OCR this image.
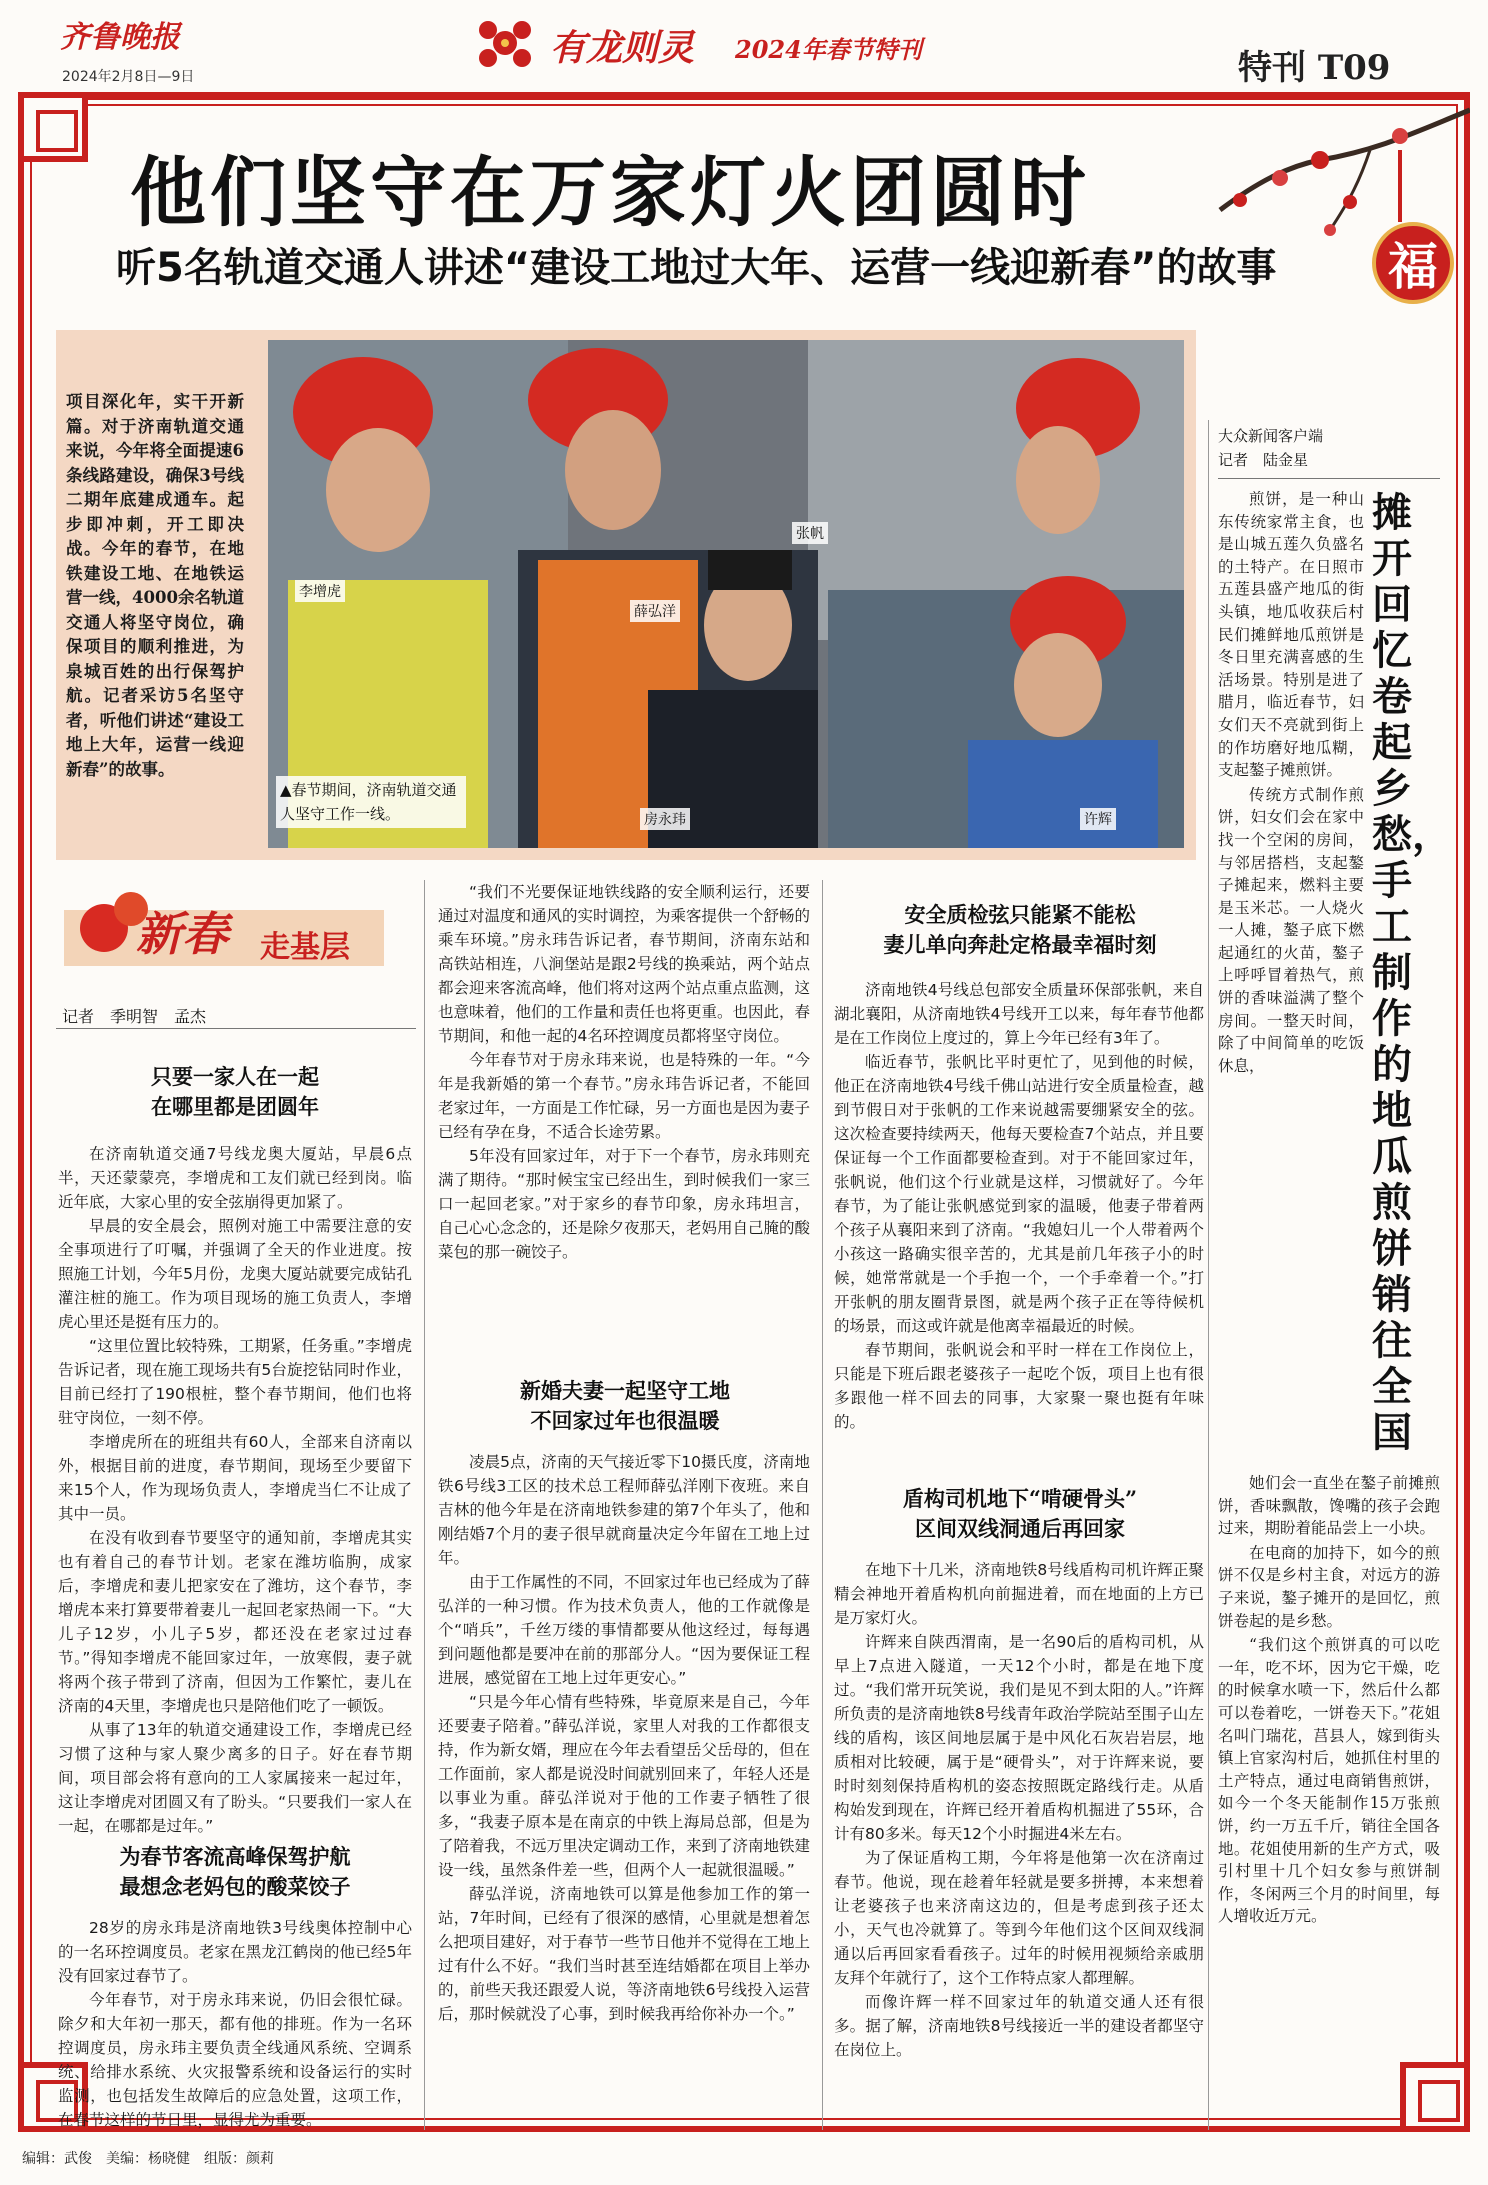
齐鲁晚报
2024年2月8日—9日
有龙则灵 2024年春节特刊	特刊 T09
福
他们坚守在万家灯火团圆时
听5名轨道交通人讲述“建设工地过大年、运营一线迎新春”的故事
项目深化年，实干开新篇。对于济南轨道交通来说，今年将全面提速6条线路建设，确保3号线二期年底建成通车。起步即冲刺，开工即决战。今年的春节，在地铁建设工地、在地铁运营一线，4000余名轨道交通人将坚守岗位，确保项目的顺利推进，为泉城百姓的出行保驾护航。记者采访5名坚守者，听他们讲述“建设工地上大年，运营一线迎新春”的故事。
李增虎
薛弘洋
张帆
房永玮	许辉
▲春节期间，济南轨道交通人坚守工作一线。
新春 走基层
记者　季明智　孟杰
只要一家人在一起
在哪里都是团圆年

在济南轨道交通7号线龙奥大厦站，早晨6点半，天还蒙蒙亮，李增虎和工友们就已经到岗。临近年底，大家心里的安全弦崩得更加紧了。

早晨的安全晨会，照例对施工中需要注意的安全事项进行了叮嘱，并强调了全天的作业进度。按照施工计划，今年5月份，龙奥大厦站就要完成钻孔灌注桩的施工。作为项目现场的施工负责人，李增虎心里还是挺有压力的。

“这里位置比较特殊，工期紧，任务重。”李增虎告诉记者，现在施工现场共有5台旋挖钻同时作业，目前已经打了190根桩，整个春节期间，他们也将驻守岗位，一刻不停。

李增虎所在的班组共有60人，全部来自济南以外，根据目前的进度，春节期间，现场至少要留下来15个人，作为现场负责人，李增虎当仁不让成了其中一员。

在没有收到春节要坚守的通知前，李增虎其实也有着自己的春节计划。老家在潍坊临朐，成家后，李增虎和妻儿把家安在了潍坊，这个春节，李增虎本来打算要带着妻儿一起回老家热闹一下。“大儿子12岁，小儿子5岁，都还没在老家过过春节。”得知李增虎不能回家过年，一放寒假，妻子就将两个孩子带到了济南，但因为工作繁忙，妻儿在济南的4天里，李增虎也只是陪他们吃了一顿饭。

从事了13年的轨道交通建设工作，李增虎已经习惯了这种与家人聚少离多的日子。好在春节期间，项目部会将有意向的工人家属接来一起过年，这让李增虎对团圆又有了盼头。“只要我们一家人在一起，在哪都是过年。”

为春节客流高峰保驾护航
最想念老妈包的酸菜饺子

28岁的房永玮是济南地铁3号线奥体控制中心的一名环控调度员。老家在黑龙江鹤岗的他已经5年没有回家过春节了。

今年春节，对于房永玮来说，仍旧会很忙碌。除夕和大年初一那天，都有他的排班。作为一名环控调度员，房永玮主要负责全线通风系统、空调系统、给排水系统、火灾报警系统和设备运行的实时监测，也包括发生故障后的应急处置，这项工作，在春节这样的节日里，显得尤为重要。

“我们不光要保证地铁线路的安全顺利运行，还要通过对温度和通风的实时调控，为乘客提供一个舒畅的乘车环境。”房永玮告诉记者，春节期间，济南东站和高铁站相连，八涧堡站是跟2号线的换乘站，两个站点都会迎来客流高峰，他们将对这两个站点重点监测，这也意味着，他们的工作量和责任也将更重。也因此，春节期间，和他一起的4名环控调度员都将坚守岗位。

今年春节对于房永玮来说，也是特殊的一年。“今年是我新婚的第一个春节。”房永玮告诉记者，不能回老家过年，一方面是工作忙碌，另一方面也是因为妻子已经有孕在身，不适合长途劳累。

5年没有回家过年，对于下一个春节，房永玮则充满了期待。“那时候宝宝已经出生，到时候我们一家三口一起回老家。”对于家乡的春节印象，房永玮坦言，自己心心念念的，还是除夕夜那天，老妈用自己腌的酸菜包的那一碗饺子。

新婚夫妻一起坚守工地
不回家过年也很温暖

凌晨5点，济南的天气接近零下10摄氏度，济南地铁6号线3工区的技术总工程师薛弘洋刚下夜班。来自吉林的他今年是在济南地铁参建的第7个年头了，他和刚结婚7个月的妻子很早就商量决定今年留在工地上过年。

由于工作属性的不同，不回家过年也已经成为了薛弘洋的一种习惯。作为技术负责人，他的工作就像是个“哨兵”，千丝万缕的事情都要从他这经过，每每遇到问题他都是要冲在前的那部分人。“因为要保证工程进展，感觉留在工地上过年更安心。”

“只是今年心情有些特殊，毕竟原来是自己，今年还要妻子陪着。”薛弘洋说，家里人对我的工作都很支持，作为新女婿，理应在今年去看望岳父岳母的，但在工作面前，家人都是说没时间就别回来了，年轻人还是以事业为重。薛弘洋说对于他的工作妻子牺牲了很多，“我妻子原本是在南京的中铁上海局总部，但是为了陪着我，不远万里决定调动工作，来到了济南地铁建设一线，虽然条件差一些，但两个人一起就很温暖。”

薛弘洋说，济南地铁可以算是他参加工作的第一站，7年时间，已经有了很深的感情，心里就是想着怎么把项目建好，对于春节一些节日他并不觉得在工地上过有什么不好。“我们当时甚至连结婚都在项目上举办的，前些天我还跟爱人说，等济南地铁6号线投入运营后，那时候就没了心事，到时候我再给你补办一个。”

安全质检弦只能紧不能松
妻儿单向奔赴定格最幸福时刻

济南地铁4号线总包部安全质量环保部张帆，来自湖北襄阳，从济南地铁4号线开工以来，每年春节他都是在工作岗位上度过的，算上今年已经有3年了。

临近春节，张帆比平时更忙了，见到他的时候，他正在济南地铁4号线千佛山站进行安全质量检查，越到节假日对于张帆的工作来说越需要绷紧安全的弦。这次检查要持续两天，他每天要检查7个站点，并且要保证每一个工作面都要检查到。对于不能回家过年，张帆说，他们这个行业就是这样，习惯就好了。今年春节，为了能让张帆感觉到家的温暖，他妻子带着两个孩子从襄阳来到了济南。“我媳妇儿一个人带着两个小孩这一路确实很辛苦的，尤其是前几年孩子小的时候，她常常就是一个手抱一个，一个手牵着一个。”打开张帆的朋友圈背景图，就是两个孩子正在等待候机的场景，而这或许就是他离幸福最近的时候。

春节期间，张帆说会和平时一样在工作岗位上，只能是下班后跟老婆孩子一起吃个饭，项目上也有很多跟他一样不回去的同事，大家聚一聚也挺有年味的。

盾构司机地下“啃硬骨头”
区间双线洞通后再回家

在地下十几米，济南地铁8号线盾构司机许辉正聚精会神地开着盾构机向前掘进着，而在地面的上方已是万家灯火。

许辉来自陕西渭南，是一名90后的盾构司机，从早上7点进入隧道，一天12个小时，都是在地下度过。“我们常开玩笑说，我们是见不到太阳的人。”许辉所负责的是济南地铁8号线青年政治学院站至围子山左线的盾构，该区间地层属于是中风化石灰岩岩层，地质相对比较硬，属于是“硬骨头”，对于许辉来说，要时时刻刻保持盾构机的姿态按照既定路线行走。从盾构始发到现在，许辉已经开着盾构机掘进了55环，合计有80多米。每天12个小时掘进4米左右。

为了保证盾构工期，今年将是他第一次在济南过春节。他说，现在趁着年轻就是要多拼搏，本来想着让老婆孩子也来济南这边的，但是考虑到孩子还太小，天气也冷就算了。等到今年他们这个区间双线洞通以后再回家看看孩子。过年的时候用视频给亲戚朋友拜个年就行了，这个工作特点家人都理解。

而像许辉一样不回家过年的轨道交通人还有很多。据了解，济南地铁8号线接近一半的建设者都坚守在岗位上。

大众新闻客户端
记者　陆金星
摊开回忆卷起乡愁，手工制作的地瓜煎饼销往全国

煎饼，是一种山东传统家常主食，也是山城五莲久负盛名的土特产。在日照市五莲县盛产地瓜的街头镇，地瓜收获后村民们摊鲜地瓜煎饼是冬日里充满喜感的生活场景。特别是进了腊月，临近春节，妇女们天不亮就到街上的作坊磨好地瓜糊，支起鏊子摊煎饼。

传统方式制作煎饼，妇女们会在家中找一个空闲的房间，与邻居搭档，支起鏊子摊起来，燃料主要是玉米芯。一人烧火一人摊，鏊子底下燃起通红的火苗，鏊子上呼呼冒着热气，煎饼的香味溢满了整个房间。一整天时间，除了中间简单的吃饭休息，

她们会一直坐在鏊子前摊煎饼，香味飘散，馋嘴的孩子会跑过来，期盼着能品尝上一小块。

在电商的加持下，如今的煎饼不仅是乡村主食，对远方的游子来说，鏊子摊开的是回忆，煎饼卷起的是乡愁。

“我们这个煎饼真的可以吃一年，吃不坏，因为它干燥，吃的时候拿水喷一下，然后什么都可以卷着吃，一饼卷天下。”花姐名叫门瑞花，莒县人，嫁到街头镇上官家沟村后，她抓住村里的土产特点，通过电商销售煎饼，如今一个冬天能制作15万张煎饼，约一万五千斤，销往全国各地。花姐使用新的生产方式，吸引村里十几个妇女参与煎饼制作，冬闲两三个月的时间里，每人增收近万元。

编辑：武俊　美编：杨晓健　组版：颜莉
